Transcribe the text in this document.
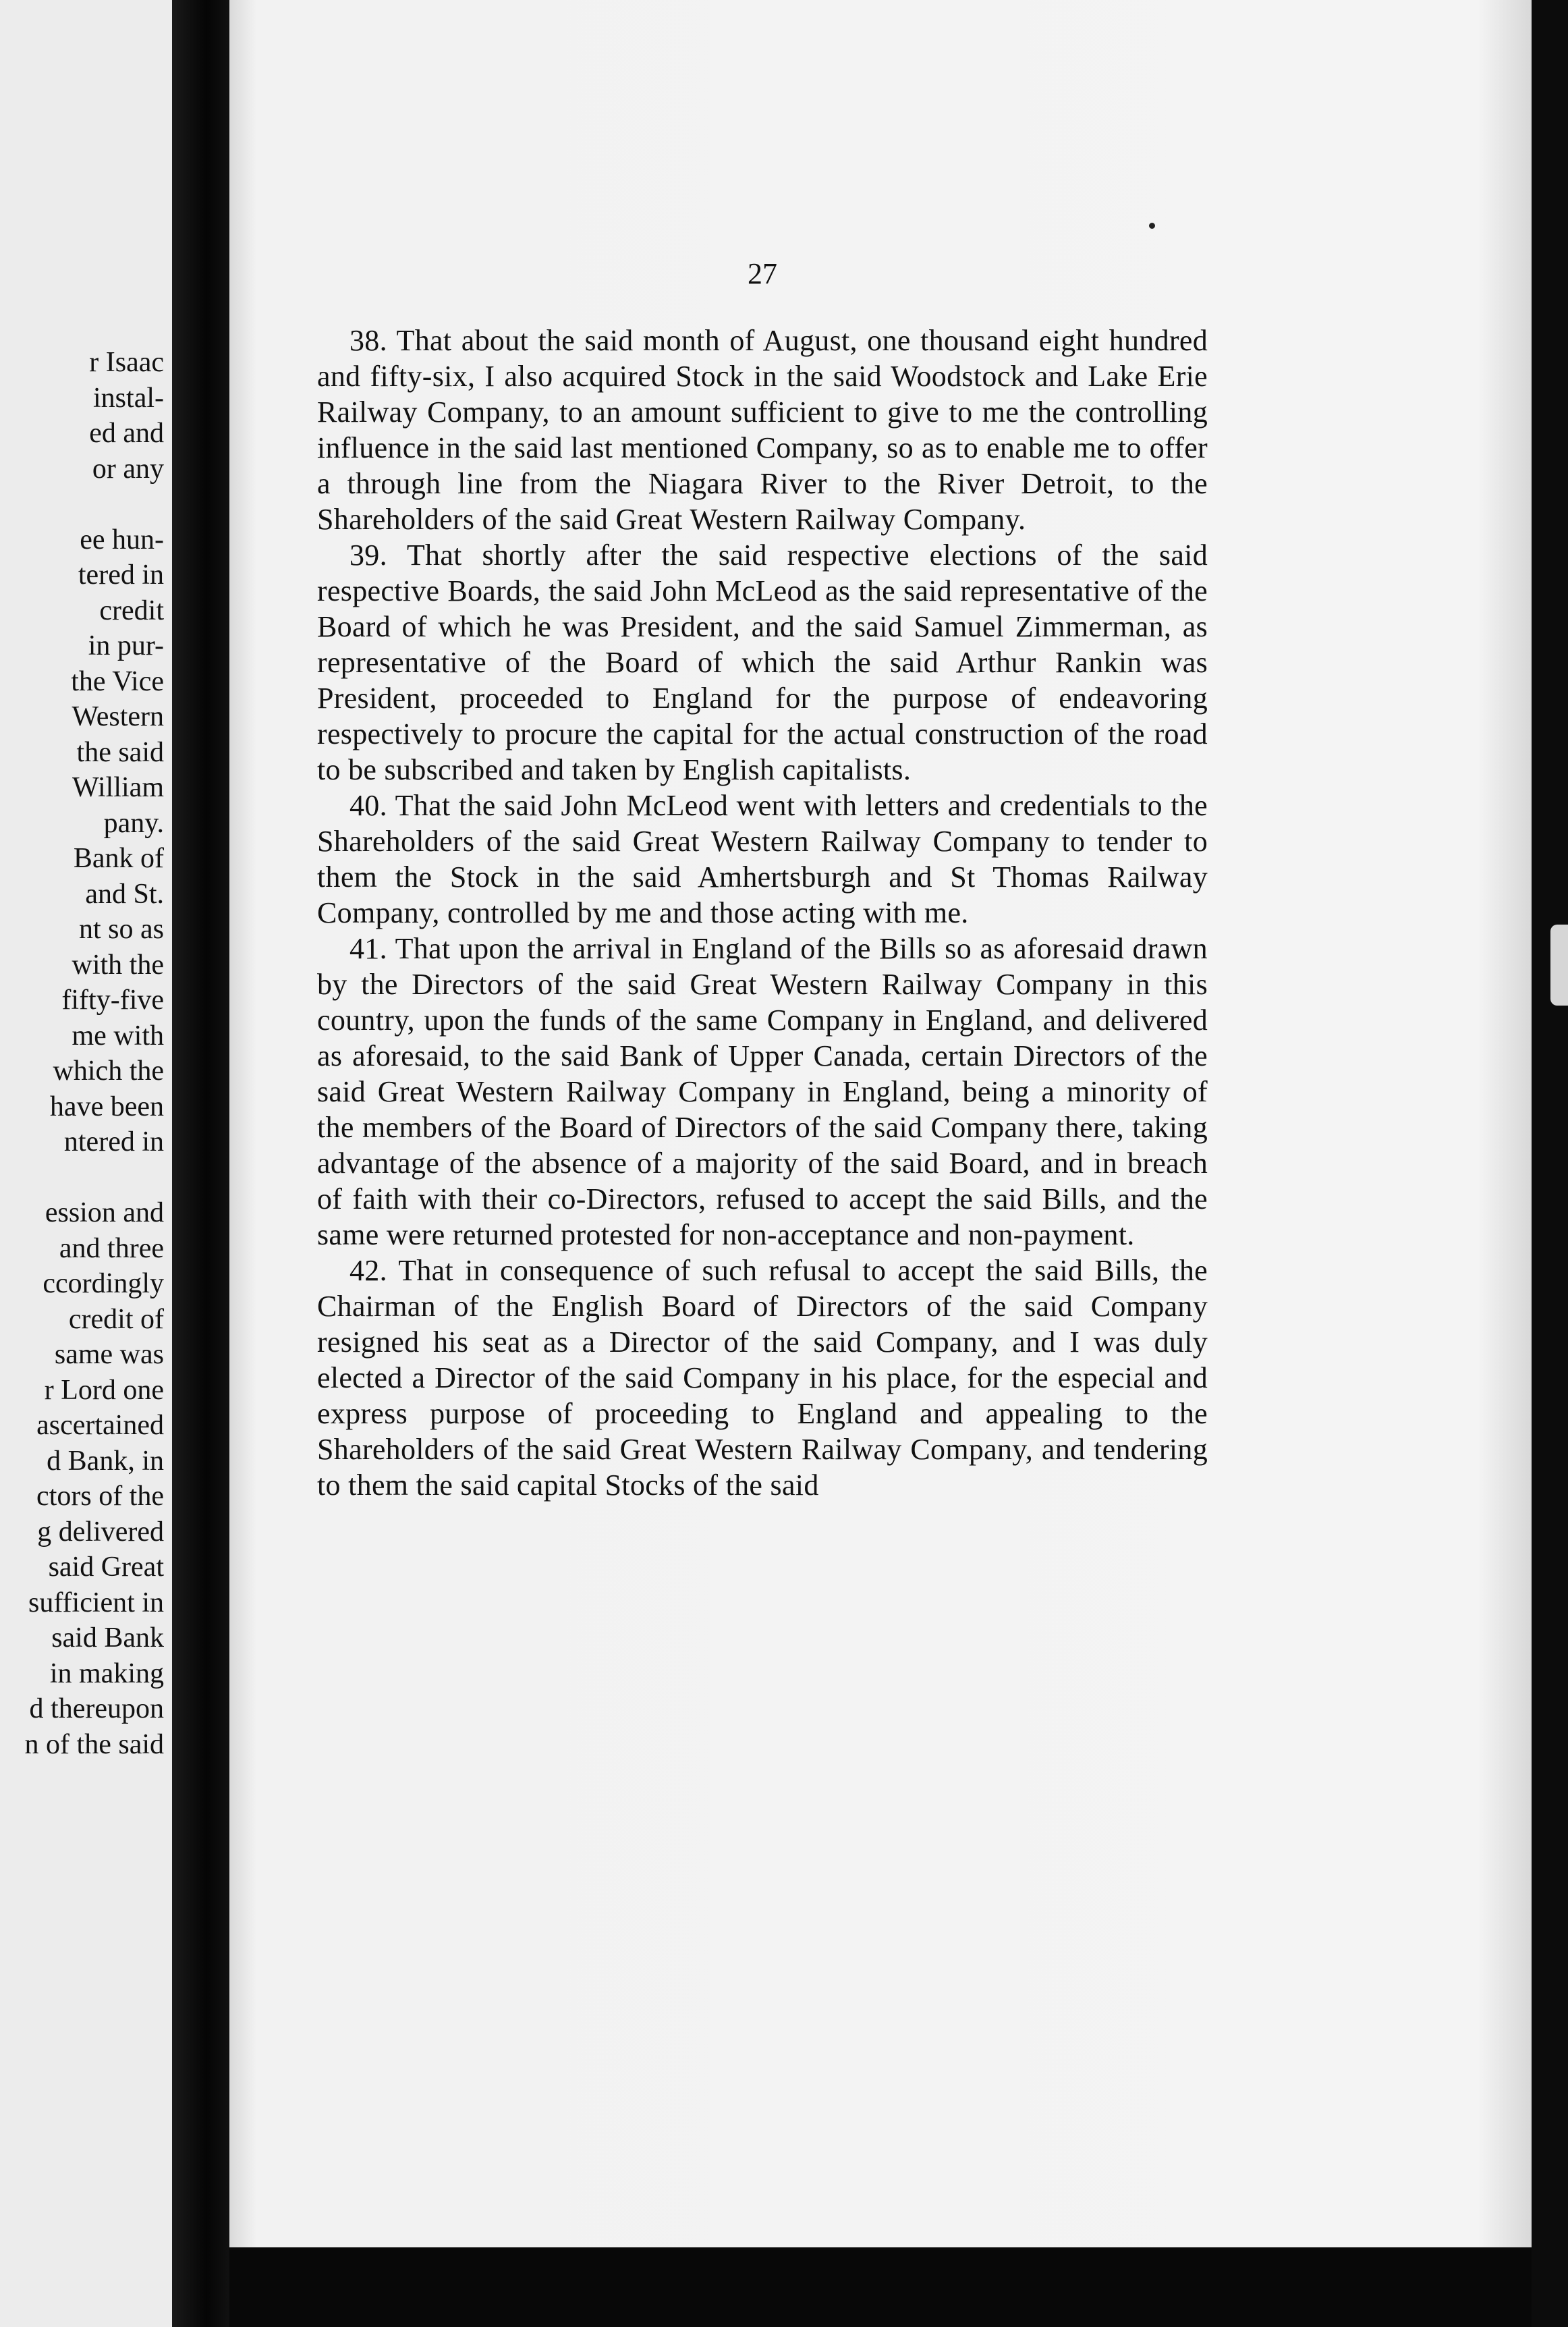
r Isaac
instal-
ed and
or any
ee hun-
tered in
credit
in pur-
the Vice
Western
the said
William
pany.
Bank of
and St.
nt so as
with the
fifty-five
me with
which the
have been
ntered in
ession and
and three
ccordingly
credit of
same was
r Lord one
ascertained
d Bank, in
ctors of the
g delivered
said Great
sufficient in
said Bank
in making
d thereupon
n of the said
27

38. That about the said month of August, one thousand eight hundred and fifty-six, I also acquired Stock in the said Woodstock and Lake Erie Railway Company, to an amount sufficient to give to me the controlling influence in the said last mentioned Company, so as to enable me to offer a through line from the Niagara River to the River Detroit, to the Shareholders of the said Great Western Railway Company.

39. That shortly after the said respective elections of the said respective Boards, the said John McLeod as the said representative of the Board of which he was President, and the said Samuel Zimmerman, as representative of the Board of which the said Arthur Rankin was President, proceeded to England for the purpose of endeavoring respectively to procure the capital for the actual construction of the road to be subscribed and taken by English capitalists.

40. That the said John McLeod went with letters and credentials to the Shareholders of the said Great Western Railway Company to tender to them the Stock in the said Amhertsburgh and St Thomas Railway Company, controlled by me and those acting with me.

41. That upon the arrival in England of the Bills so as aforesaid drawn by the Directors of the said Great Western Railway Company in this country, upon the funds of the same Company in England, and delivered as aforesaid, to the said Bank of Upper Canada, certain Directors of the said Great Western Railway Company in England, being a minority of the members of the Board of Directors of the said Company there, taking advantage of the absence of a majority of the said Board, and in breach of faith with their co-Directors, refused to accept the said Bills, and the same were returned protested for non-acceptance and non-payment.

42. That in consequence of such refusal to accept the said Bills, the Chairman of the English Board of Directors of the said Company resigned his seat as a Director of the said Company, and I was duly elected a Director of the said Company in his place, for the especial and express purpose of proceeding to England and appealing to the Shareholders of the said Great Western Railway Company, and tendering to them the said capital Stocks of the said
